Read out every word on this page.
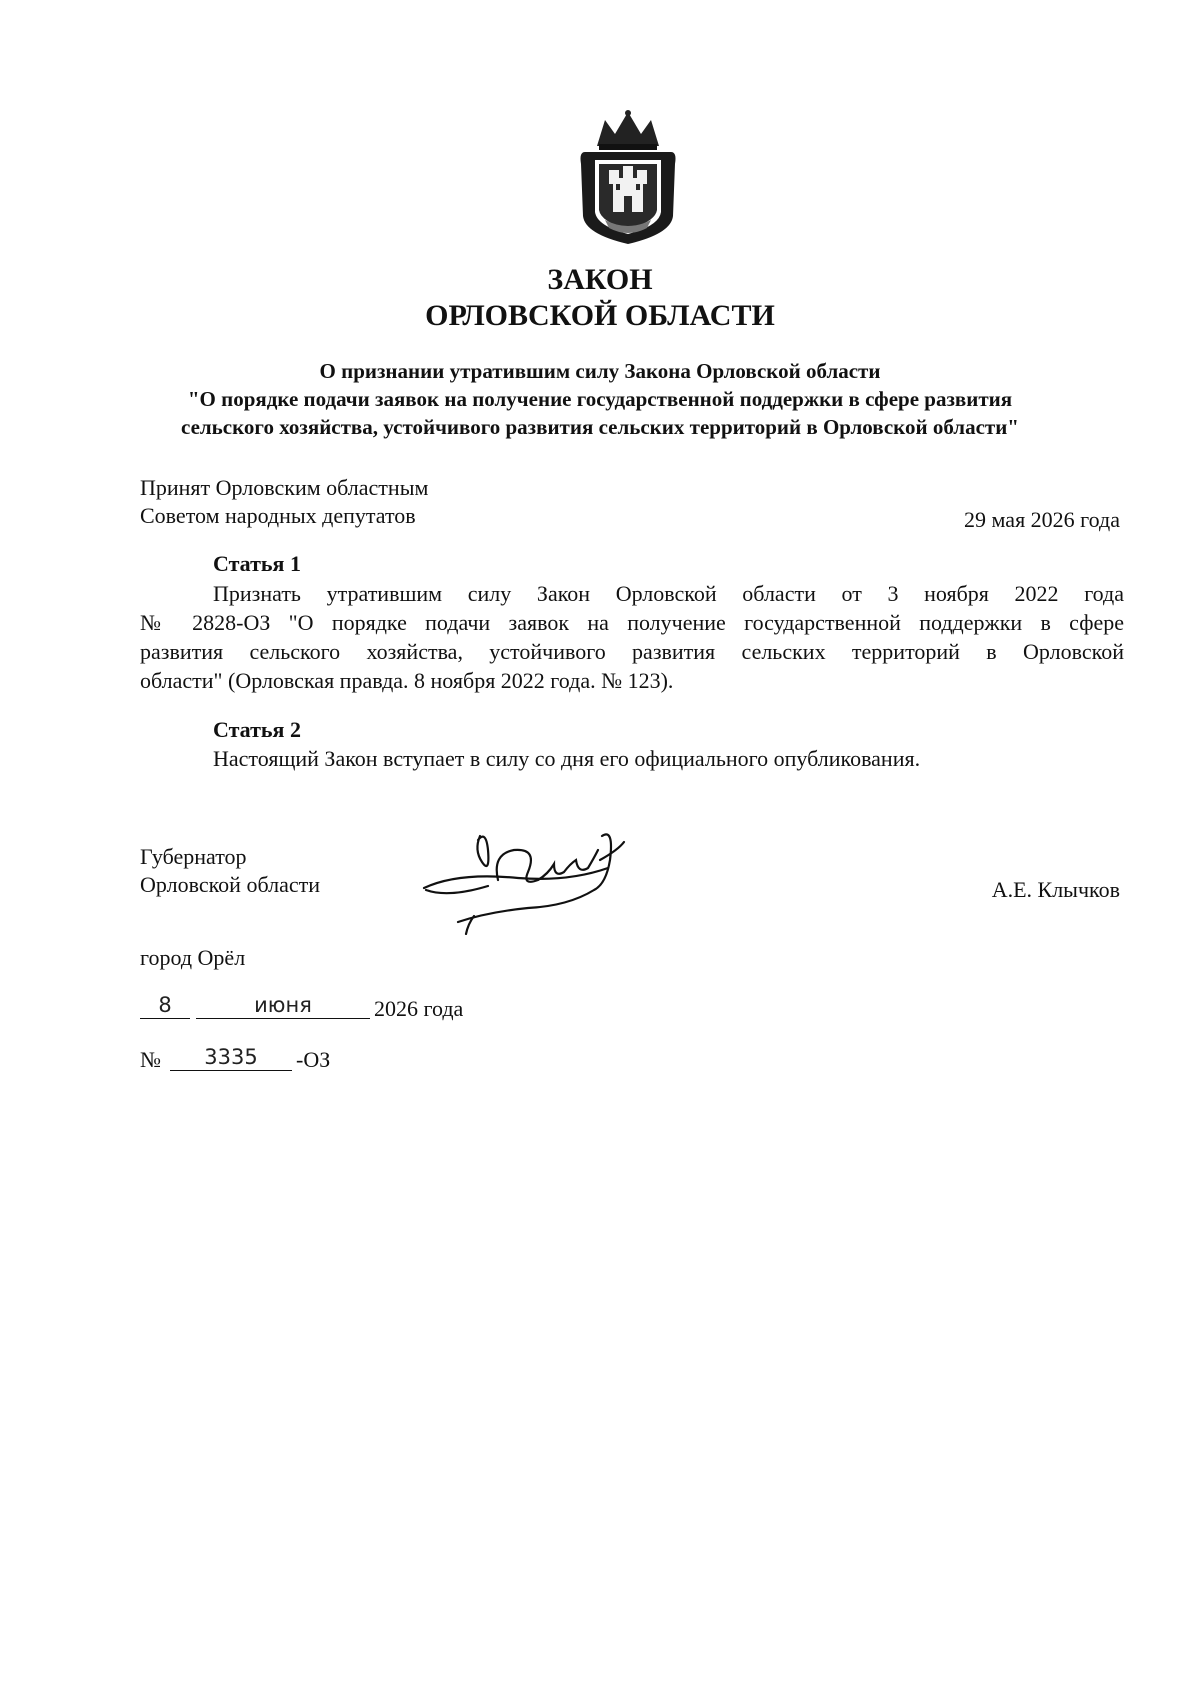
ЗАКОН
ОРЛОВСКОЙ ОБЛАСТИ
О признании утратившим силу Закона Орловской области
"О порядке подачи заявок на получение государственной поддержки в сфере развития
сельского хозяйства, устойчивого развития сельских территорий в Орловской области"
Принят Орловским областным
Советом народных депутатов	29 мая 2026 года
Статья 1
Признать утратившим силу Закон Орловской области от 3 ноября 2022 года
№ 2828-ОЗ "О порядке подачи заявок на получение государственной поддержки в сфере
развития сельского хозяйства, устойчивого развития сельских территорий в Орловской
области" (Орловская правда. 8 ноября 2022 года. № 123).
Статья 2
Настоящий Закон вступает в силу со дня его официального опубликования.
Губернатор
Орловской области	А.Е. Клычков
город Орёл
8	июня	2026 года
№	3335	-ОЗ
